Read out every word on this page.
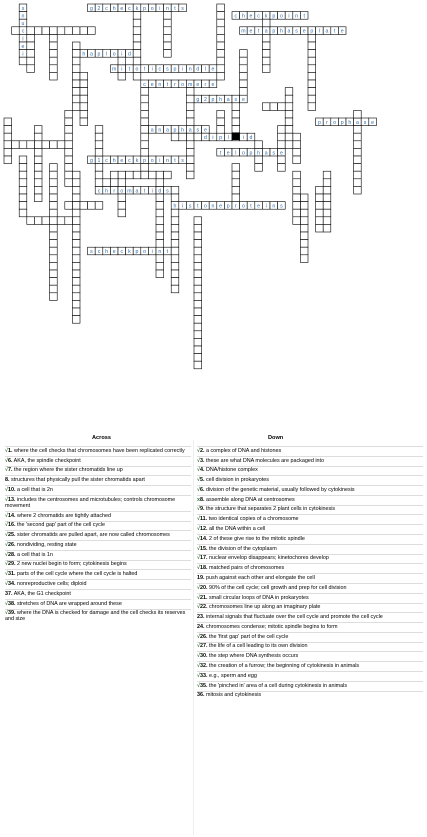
g 2 c h e c k p o i n t s
s
n
u
c
l
e
i
m e t a p h a s e p l a t e
c h e c k p o i n t
h a p l o i d
m i t o t i c s p i n d l e
c e n t r o m e r e
g 2 p h a s e
a n a p h a s e
d i p l	i d
t e l o p h a s e
g 1 c h e c k p o i n t s
c h r o m a t i d s
h i s t o n e p r o t e i n s
s c h e c k p o i n t
p r o p h a s e
Across	Down
√1. where the cell checks that chromosomes have been replicated correctly
√6. AKA, the spindle checkpoint
√7. the region where the sister chromatids line up
8. structures that physically pull the sister chromatids apart
√10. a cell that is 2n
√13. includes the centrosomes and microtubules; controls chromosome movement
√14. where 2 chromatids are tightly attached
√16. the 'second gap' part of the cell cycle
√25. sister chromatids are pulled apart, are now called chromosomes
√26. nondividing, resting state
√28. a cell that is 1n
√29. 2 new nuclei begin to form; cytokinesis begins
√31. parts of the cell cycle where the cell cycle is halted
√34. nonreproductive cells; diploid
37. AKA, the G1 checkpoint
√38. stretches of DNA are wrapped around these
√39. where the DNA is checked for damage and the cell checks its reserves and size
√2. a complex of DNA and histones
√3. these are what DNA molecules are packaged into
√4. DNA/histone complex
√5. cell division in prokaryotes
√6. division of the genetic material, usually followed by cytokinesis
x8. assemble along DNA at centrosomes
√9. the structure that separates 2 plant cells in cytokinesis
√11. two identical copies of a chromosome
√12. all the DNA within a cell
√14. 2 of these give rise to the mitotic spindle
√15. the division of the cytoplasm
√17. nuclear envelop disappears; kinetochores develop
√18. matched pairs of chromosomes
19. push against each other and elongate the cell
√20. 90% of the cell cycle; cell growth and prep for cell division
√21. small circular loops of DNA in prokaryotes
√22. chromosomes line up along an imaginary plate
23. internal signals that fluctuate over the cell cycle and promote the cell cycle
24. chromosomes condense; mitotic spindle begins to form
√26. the 'first gap' part of the cell cycle
√27. the life of a cell leading to its own division
√30. the step where DNA synthesis occurs
√32. the creation of a furrow; the beginning of cytokinesis in animals
√33. e.g., sperm and egg
√35. the 'pinched in' area of a cell during cytokinesis in animals
36. mitosis and cytokinesis
